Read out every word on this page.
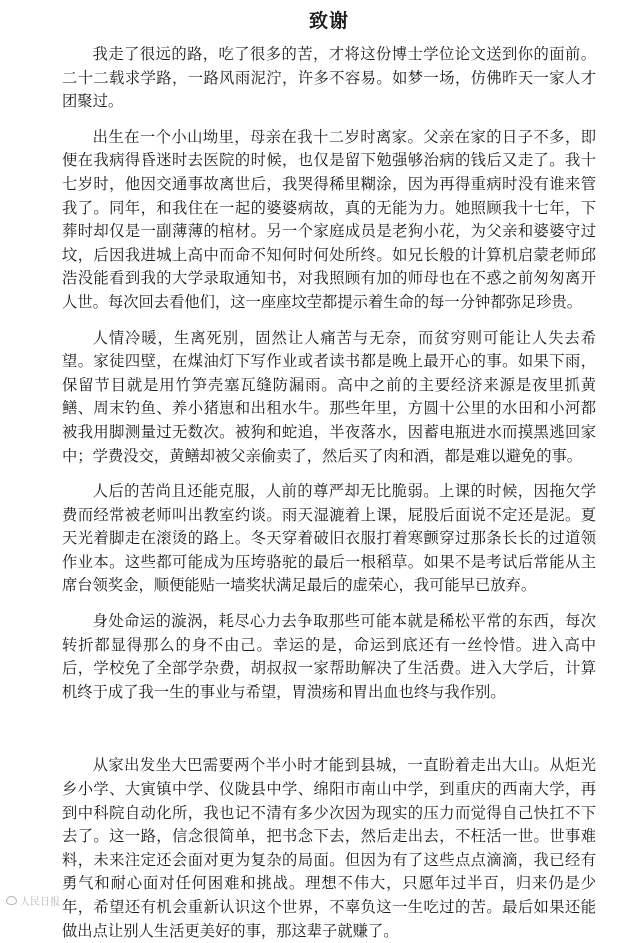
致谢

我走了很远的路，吃了很多的苦，才将这份博士学位论文送到你的面前。二十二载求学路，一路风雨泥泞，许多不容易。如梦一场，仿佛昨天一家人才团聚过。

出生在一个小山坳里，母亲在我十二岁时离家。父亲在家的日子不多，即便在我病得昏迷时去医院的时候，也仅是留下勉强够治病的钱后又走了。我十七岁时，他因交通事故离世后，我哭得稀里糊涂，因为再得重病时没有谁来管我了。同年，和我住在一起的婆婆病故，真的无能为力。她照顾我十七年，下葬时却仅是一副薄薄的棺材。另一个家庭成员是老狗小花，为父亲和婆婆守过坟，后因我进城上高中而命不知何时何处所终。如兄长般的计算机启蒙老师邱浩没能看到我的大学录取通知书，对我照顾有加的师母也在不惑之前匆匆离开人世。每次回去看他们，这一座座坟茔都提示着生命的每一分钟都弥足珍贵。

人情冷暖，生离死别，固然让人痛苦与无奈，而贫穷则可能让人失去希望。家徒四壁，在煤油灯下写作业或者读书都是晚上最开心的事。如果下雨，保留节目就是用竹笋壳塞瓦缝防漏雨。高中之前的主要经济来源是夜里抓黄鳝、周末钓鱼、养小猪崽和出租水牛。那些年里，方圆十公里的水田和小河都被我用脚测量过无数次。被狗和蛇追，半夜落水，因蓄电瓶进水而摸黑逃回家中；学费没交，黄鳝却被父亲偷卖了，然后买了肉和酒，都是难以避免的事。

人后的苦尚且还能克服，人前的尊严却无比脆弱。上课的时候，因拖欠学费而经常被老师叫出教室约谈。雨天湿漉着上课，屁股后面说不定还是泥。夏天光着脚走在滚烫的路上。冬天穿着破旧衣服打着寒颤穿过那条长长的过道领作业本。这些都可能成为压垮骆驼的最后一根稻草。如果不是考试后常能从主席台领奖金，顺便能贴一墙奖状满足最后的虚荣心，我可能早已放弃。

身处命运的漩涡，耗尽心力去争取那些可能本就是稀松平常的东西，每次转折都显得那么的身不由己。幸运的是，命运到底还有一丝怜惜。进入高中后，学校免了全部学杂费，胡叔叔一家帮助解决了生活费。进入大学后，计算机终于成了我一生的事业与希望，胃溃疡和胃出血也终与我作别。

从家出发坐大巴需要两个半小时才能到县城，一直盼着走出大山。从炬光乡小学、大寅镇中学、仪陇县中学、绵阳市南山中学，到重庆的西南大学，再到中科院自动化所，我也记不清有多少次因为现实的压力而觉得自己快扛不下去了。这一路，信念很简单，把书念下去，然后走出去，不枉活一世。世事难料，未来注定还会面对更为复杂的局面。但因为有了这些点点滴滴，我已经有勇气和耐心面对任何困难和挑战。理想不伟大，只愿年过半百，归来仍是少年，希望还有机会重新认识这个世界，不辜负这一生吃过的苦。最后如果还能做出点让别人生活更美好的事，那这辈子就赚了。

人民日报
